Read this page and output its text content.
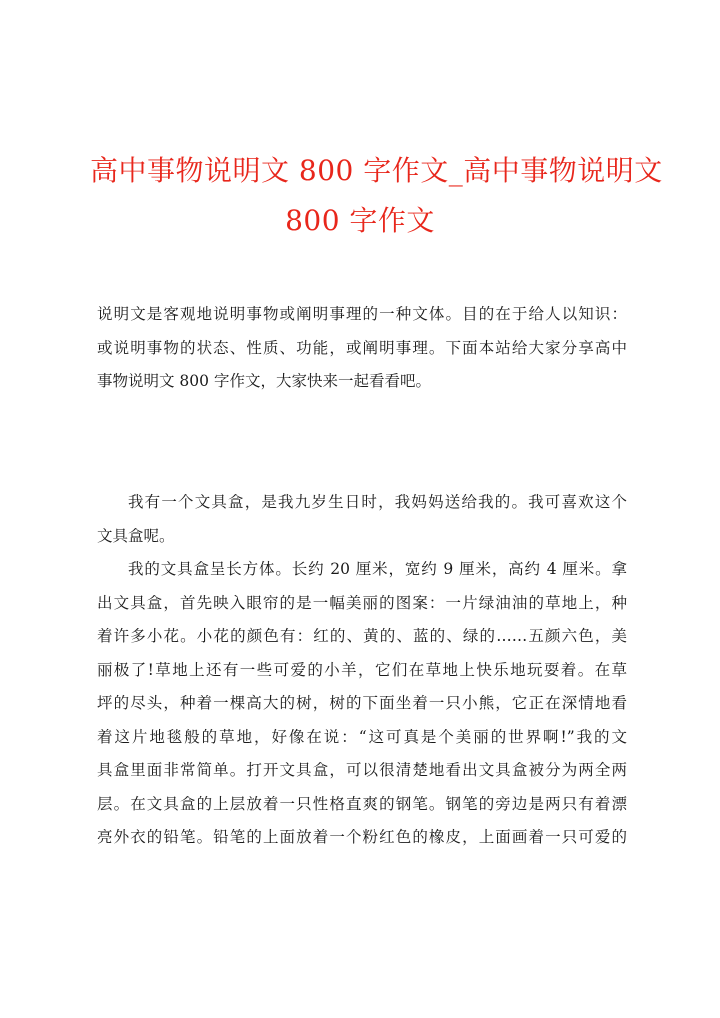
高中事物说明文 800 字作文_高中事物说明文
800 字作文

说明文是客观地说明事物或阐明事理的一种文体。目的在于给人以知识：
或说明事物的状态、性质、功能，或阐明事理。下面本站给大家分享高中
事物说明文 800 字作文，大家快来一起看看吧。

我有一个文具盒，是我九岁生日时，我妈妈送给我的。我可喜欢这个
文具盒呢。

我的文具盒呈长方体。长约 20 厘米，宽约 9 厘米，高约 4 厘米。拿
出文具盒，首先映入眼帘的是一幅美丽的图案：一片绿油油的草地上，种
着许多小花。小花的颜色有：红的、黄的、蓝的、绿的……五颜六色，美
丽极了!草地上还有一些可爱的小羊，它们在草地上快乐地玩耍着。在草
坪的尽头，种着一棵高大的树，树的下面坐着一只小熊，它正在深情地看
着这片地毯般的草地，好像在说：“这可真是个美丽的世界啊!”我的文
具盒里面非常简单。打开文具盒，可以很清楚地看出文具盒被分为两全两
层。在文具盒的上层放着一只性格直爽的钢笔。钢笔的旁边是两只有着漂
亮外衣的铅笔。铅笔的上面放着一个粉红色的橡皮，上面画着一只可爱的
